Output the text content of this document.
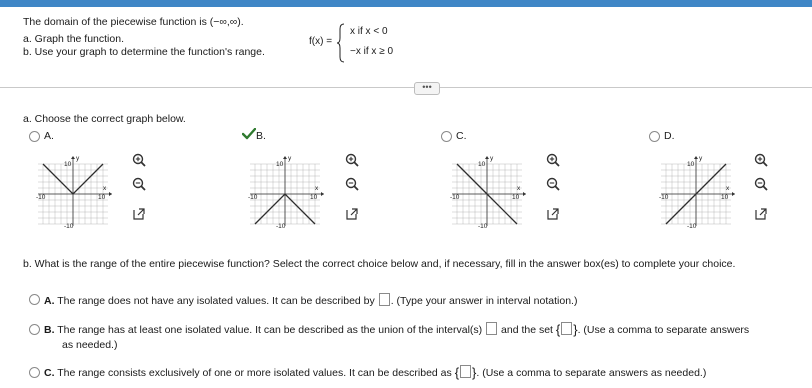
The domain of the piecewise function is (−∞,∞).
a. Graph the function.
b. Use your graph to determine the function's range.
f(x) =
x if x < 0
−x if x ≥ 0
•••
a. Choose the correct graph below.
A.	B.	C.	D.
y
x
10
-10	10
-10
y
x
10
-10	10
-10
y
x
10
-10	10
-10
y
x
10
-10	10
-10
b. What is the range of the entire piecewise function? Select the correct choice below and, if necessary, fill in the answer box(es) to complete your choice.
A. The range does not have any isolated values. It can be described by . (Type your answer in interval notation.)
B. The range has at least one isolated value. It can be described as the union of the interval(s) and the set { }. (Use a comma to separate answers
as needed.)
C. The range consists exclusively of one or more isolated values. It can be described as { }. (Use a comma to separate answers as needed.)
